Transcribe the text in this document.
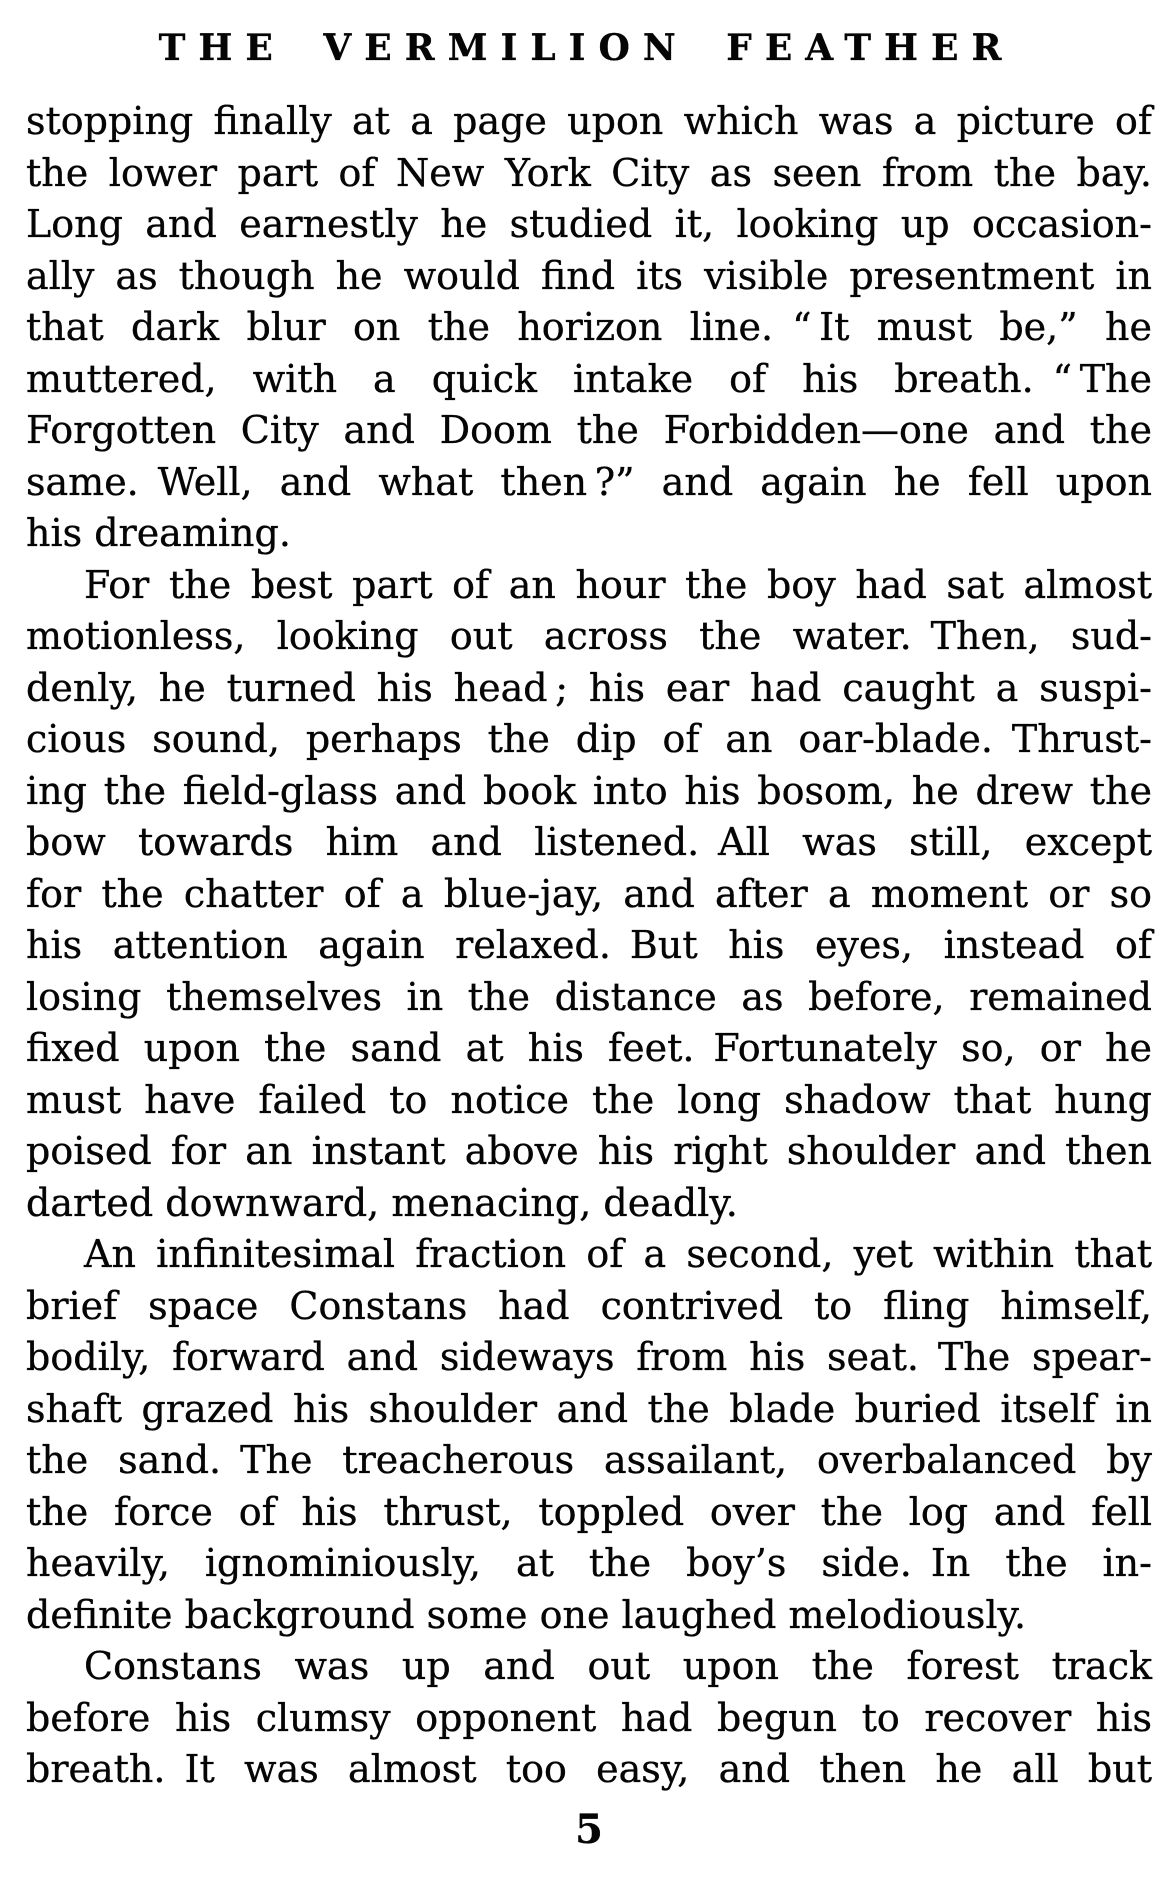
THE VERMILION FEATHER

stopping finally at a page upon which was a picture of
the lower part of New York City as seen from the bay.
Long and earnestly he studied it, looking up occasion-
ally as though he would find its visible presentment in
that dark blur on the horizon line. “ It must be,” he
muttered, with a quick intake of his breath. “ The
Forgotten City and Doom the Forbidden—one and the
same. Well, and what then ?” and again he fell upon
his dreaming.

For the best part of an hour the boy had sat almost
motionless, looking out across the water. Then, sud-
denly, he turned his head ; his ear had caught a suspi-
cious sound, perhaps the dip of an oar-blade. Thrust-
ing the field-glass and book into his bosom, he drew the
bow towards him and listened. All was still, except
for the chatter of a blue-jay, and after a moment or so
his attention again relaxed. But his eyes, instead of
losing themselves in the distance as before, remained
fixed upon the sand at his feet. Fortunately so, or he
must have failed to notice the long shadow that hung
poised for an instant above his right shoulder and then
darted downward, menacing, deadly.

An infinitesimal fraction of a second, yet within that
brief space Constans had contrived to fling himself,
bodily, forward and sideways from his seat. The spear-
shaft grazed his shoulder and the blade buried itself in
the sand. The treacherous assailant, overbalanced by
the force of his thrust, toppled over the log and fell
heavily, ignominiously, at the boy’s side. In the in-
definite background some one laughed melodiously.

Constans was up and out upon the forest track
before his clumsy opponent had begun to recover his
breath. It was almost too easy, and then he all but

5
